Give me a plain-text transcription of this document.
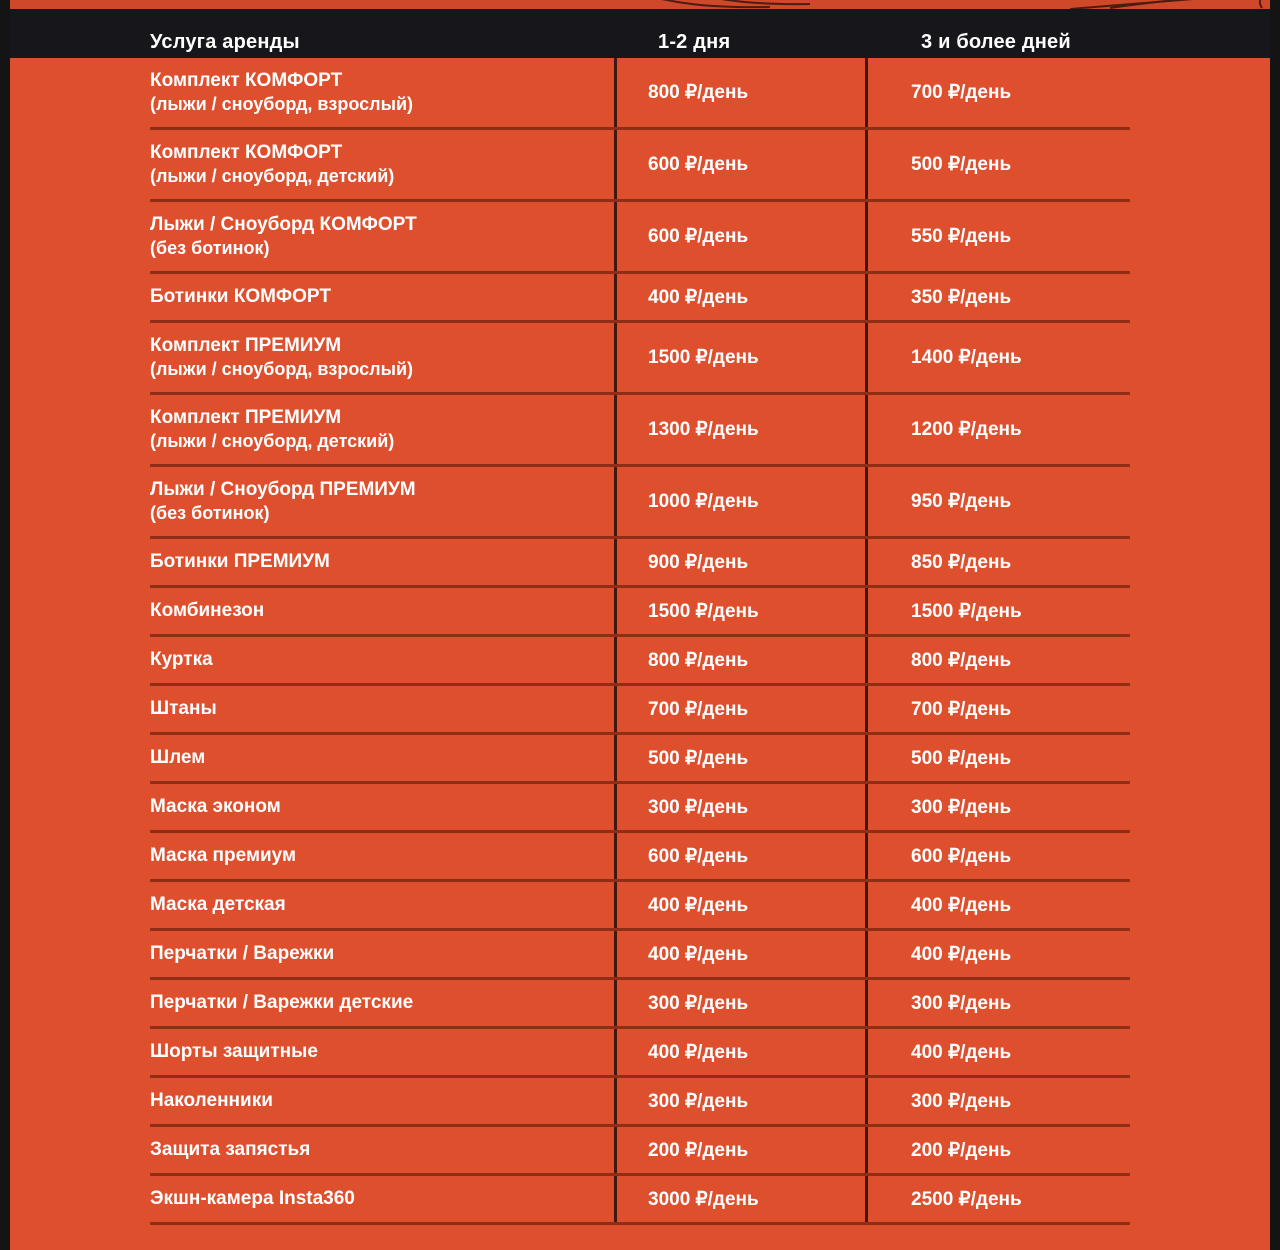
Услуга аренды	1-2 дня	3 и более дней
Комплект КОМФОРТ
(лыжи / сноуборд, взрослый)
800 ₽/день	700 ₽/день
Комплект КОМФОРТ
(лыжи / сноуборд, детский)
600 ₽/день	500 ₽/день
Лыжи / Сноуборд КОМФОРТ
(без ботинок)
600 ₽/день	550 ₽/день
Ботинки КОМФОРТ	400 ₽/день	350 ₽/день
Комплект ПРЕМИУМ
(лыжи / сноуборд, взрослый)
1500 ₽/день	1400 ₽/день
Комплект ПРЕМИУМ
(лыжи / сноуборд, детский)
1300 ₽/день	1200 ₽/день
Лыжи / Сноуборд ПРЕМИУМ
(без ботинок)
1000 ₽/день	950 ₽/день
Ботинки ПРЕМИУМ	900 ₽/день	850 ₽/день
Комбинезон	1500 ₽/день	1500 ₽/день
Куртка	800 ₽/день	800 ₽/день
Штаны	700 ₽/день	700 ₽/день
Шлем	500 ₽/день	500 ₽/день
Маска эконом	300 ₽/день	300 ₽/день
Маска премиум	600 ₽/день	600 ₽/день
Маска детская	400 ₽/день	400 ₽/день
Перчатки / Варежки	400 ₽/день	400 ₽/день
Перчатки / Варежки детские	300 ₽/день	300 ₽/день
Шорты защитные	400 ₽/день	400 ₽/день
Наколенники	300 ₽/день	300 ₽/день
Защита запястья	200 ₽/день	200 ₽/день
Экшн-камера Insta360	3000 ₽/день	2500 ₽/день
